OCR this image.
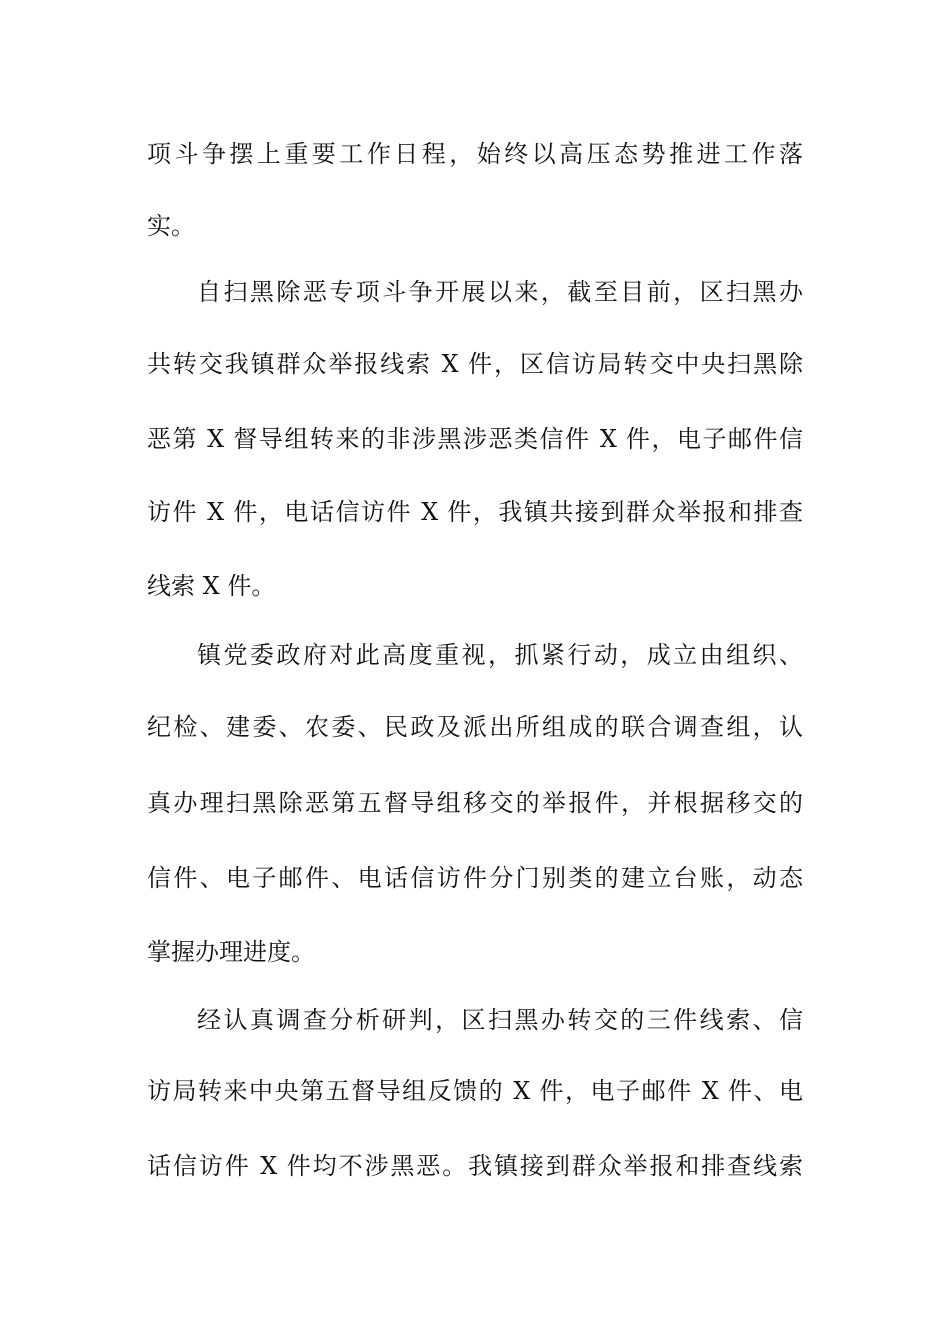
项斗争摆上重要工作日程，始终以高压态势推进工作落
实。
自扫黑除恶专项斗争开展以来，截至目前，区扫黑办
共转交我镇群众举报线索 X 件，区信访局转交中央扫黑除
恶第 X 督导组转来的非涉黑涉恶类信件 X 件，电子邮件信
访件 X 件，电话信访件 X 件，我镇共接到群众举报和排查
线索 X 件。
镇党委政府对此高度重视，抓紧行动，成立由组织、
纪检、建委、农委、民政及派出所组成的联合调查组，认
真办理扫黑除恶第五督导组移交的举报件，并根据移交的
信件、电子邮件、电话信访件分门别类的建立台账，动态
掌握办理进度。
经认真调查分析研判，区扫黑办转交的三件线索、信
访局转来中央第五督导组反馈的 X 件，电子邮件 X 件、电
话信访件 X 件均不涉黑恶。我镇接到群众举报和排查线索
